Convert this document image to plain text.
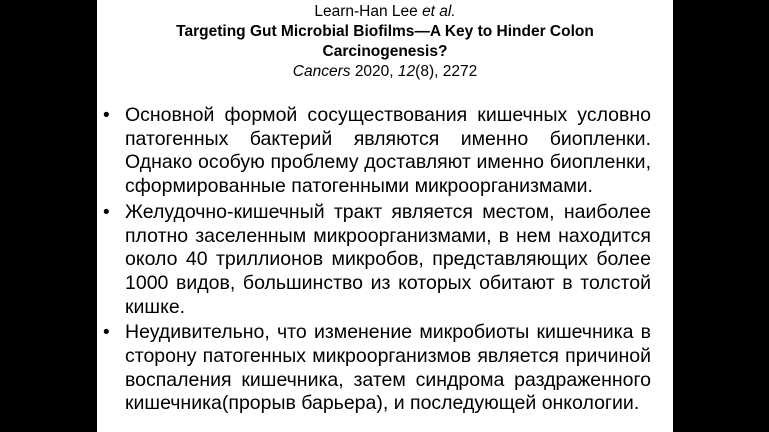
Learn-Han Lee et al.
Targeting Gut Microbial Biofilms—A Key to Hinder Colon Carcinogenesis?
Cancers 2020, 12(8), 2272
• Основной формой сосуществования кишечных условно патогенных бактерий являются именно биопленки. Однако особую проблему доставляют именно биопленки, сформированные патогенными микроорганизмами.
• Желудочно-кишечный тракт является местом, наиболее плотно заселенным микроорганизмами, в нем находится около 40 триллионов микробов, представляющих более 1000 видов, большинство из которых обитают в толстой кишке.
• Неудивительно, что изменение микробиоты кишечника в сторону патогенных микроорганизмов является причиной воспаления кишечника, затем синдрома раздраженного кишечника(прорыв барьера), и последующей онкологии.
